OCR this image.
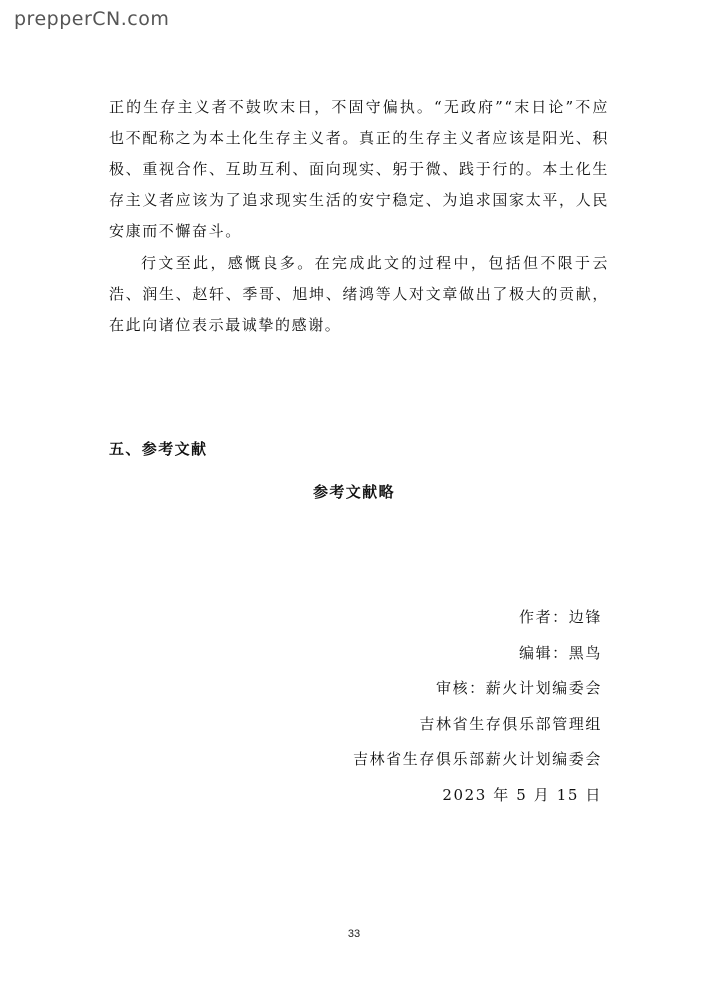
prepperCN.com

正的生存主义者不鼓吹末日，不固守偏执。“无政府”“末日论”不应也不配称之为本土化生存主义者。真正的生存主义者应该是阳光、积极、重视合作、互助互利、面向现实、躬于微、践于行的。本土化生存主义者应该为了追求现实生活的安宁稳定、为追求国家太平，人民安康而不懈奋斗。

行文至此，感慨良多。在完成此文的过程中，包括但不限于云浩、润生、赵轩、季哥、旭坤、绪鸿等人对文章做出了极大的贡献，在此向诸位表示最诚挚的感谢。

五、参考文献
参考文献略
作者：边锋
编辑：黑鸟
审核：薪火计划编委会
吉林省生存俱乐部管理组
吉林省生存俱乐部薪火计划编委会
2023 年 5 月 15 日
33
